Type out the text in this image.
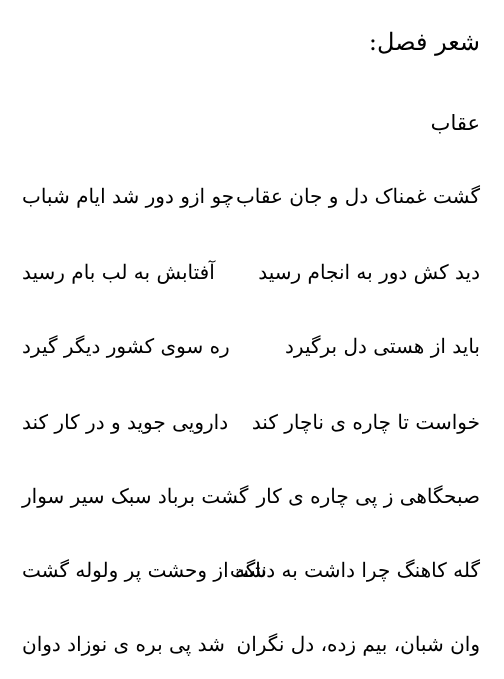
شعر فصل:
عقاب
گشت غمناک دل و جان عقاب
چو ازو دور شد ایام شباب
دید کش دور به انجام رسید
آفتابش به لب بام رسید
باید از هستی دل برگیرد
ره سوی کشور دیگر گیرد
خواست تا چاره ی ناچار کند
دارویی جوید و در کار کند
صبحگاهی ز پی چاره ی کار
گشت برباد سبک سیر سوار
گله کاهنگ چرا داشت به دشت
ناگه از وحشت پر ولوله گشت
وان شبان، بیم زده، دل نگران
شد پی بره ی نوزاد دوان
